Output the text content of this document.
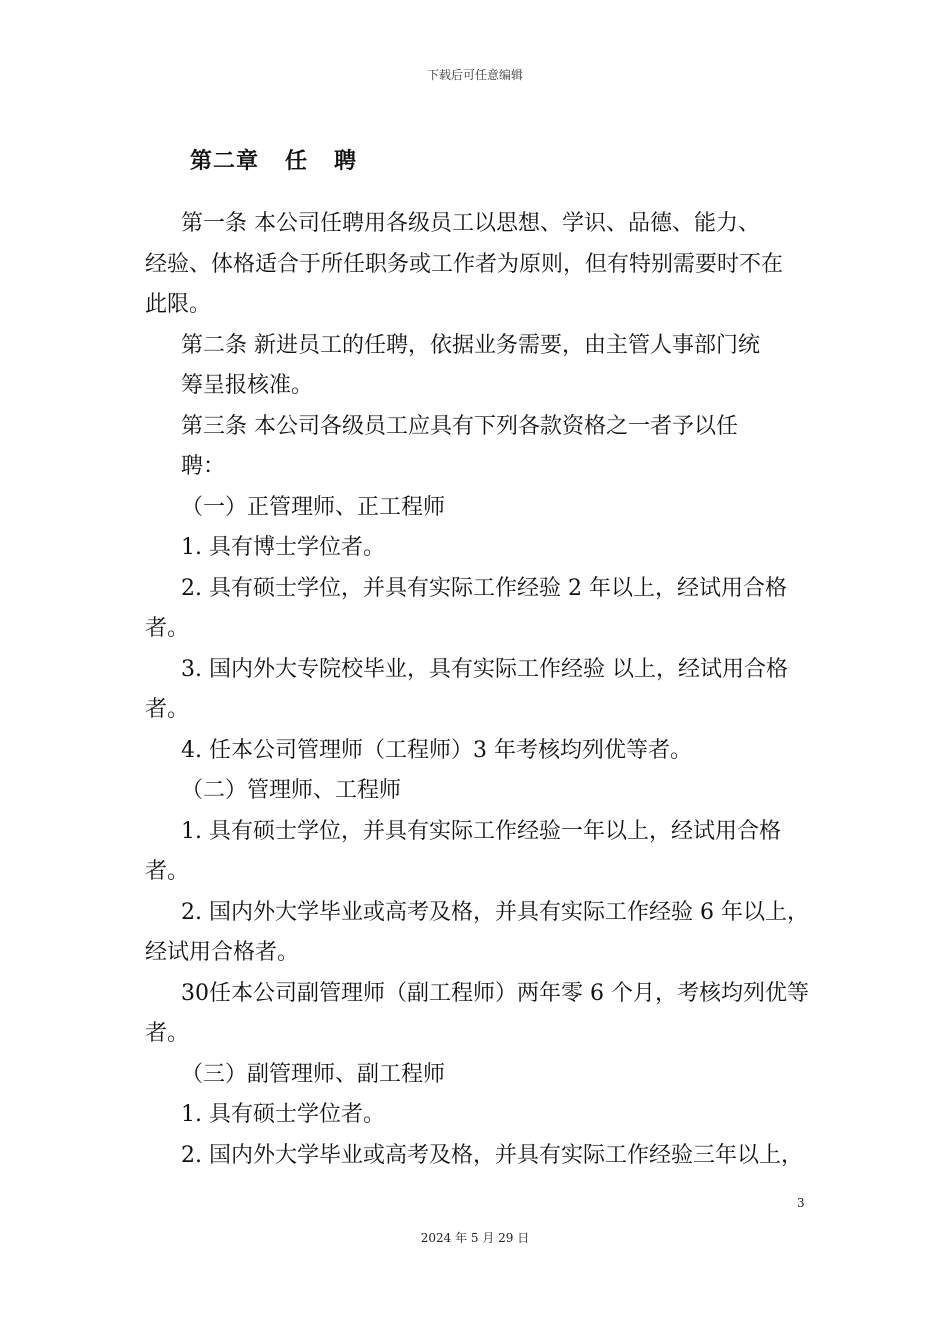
下载后可任意编辑
第二章   任   聘

第一条 本公司任聘用各级员工以思想、学识、品德、能力、

经验、体格适合于所任职务或工作者为原则，但有特别需要时不在

此限。

第二条 新进员工的任聘，依据业务需要，由主管人事部门统

筹呈报核准。

第三条 本公司各级员工应具有下列各款资格之一者予以任

聘：

（一）正管理师、正工程师

1. 具有博士学位者。

2. 具有硕士学位，并具有实际工作经验 2 年以上，经试用合格

者。

3. 国内外大专院校毕业，具有实际工作经验 以上，经试用合格

者。

4. 任本公司管理师（工程师）3 年考核均列优等者。

（二）管理师、工程师

1. 具有硕士学位，并具有实际工作经验一年以上，经试用合格

者。

2. 国内外大学毕业或高考及格，并具有实际工作经验 6 年以上，

经试用合格者。

30任本公司副管理师（副工程师）两年零 6 个月，考核均列优等

者。

（三）副管理师、副工程师

1. 具有硕士学位者。

2. 国内外大学毕业或高考及格，并具有实际工作经验三年以上，

3
2024 年 5 月 29 日
